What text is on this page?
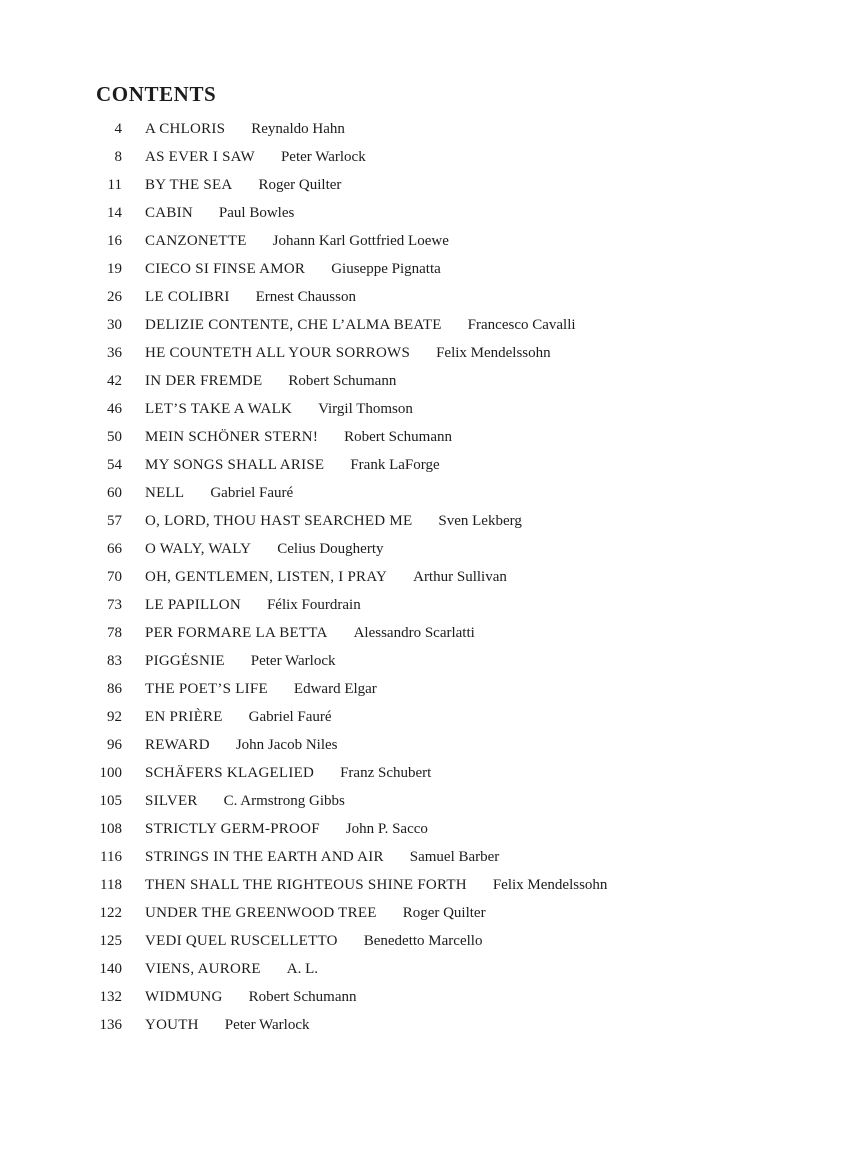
CONTENTS
4 A CHLORIS Reynaldo Hahn
8 AS EVER I SAW Peter Warlock
11 BY THE SEA Roger Quilter
14 CABIN Paul Bowles
16 CANZONETTE Johann Karl Gottfried Loewe
19 CIECO SI FINSE AMOR Giuseppe Pignatta
26 LE COLIBRI Ernest Chausson
30 DELIZIE CONTENTE, CHE L’ALMA BEATE Francesco Cavalli
36 HE COUNTETH ALL YOUR SORROWS Felix Mendelssohn
42 IN DER FREMDE Robert Schumann
46 LET’S TAKE A WALK Virgil Thomson
50 MEIN SCHÖNER STERN! Robert Schumann
54 MY SONGS SHALL ARISE Frank LaForge
60 NELL Gabriel Fauré
57 O, LORD, THOU HAST SEARCHED ME Sven Lekberg
66 O WALY, WALY Celius Dougherty
70 OH, GENTLEMEN, LISTEN, I PRAY Arthur Sullivan
73 LE PAPILLON Félix Fourdrain
78 PER FORMARE LA BETTA Alessandro Scarlatti
83 PIGGĖSNIE Peter Warlock
86 THE POET’S LIFE Edward Elgar
92 EN PRIÈRE Gabriel Fauré
96 REWARD John Jacob Niles
100 SCHÄFERS KLAGELIED Franz Schubert
105 SILVER C. Armstrong Gibbs
108 STRICTLY GERM-PROOF John P. Sacco
116 STRINGS IN THE EARTH AND AIR Samuel Barber
118 THEN SHALL THE RIGHTEOUS SHINE FORTH Felix Mendelssohn
122 UNDER THE GREENWOOD TREE Roger Quilter
125 VEDI QUEL RUSCELLETTO Benedetto Marcello
140 VIENS, AURORE A. L.
132 WIDMUNG Robert Schumann
136 YOUTH Peter Warlock
